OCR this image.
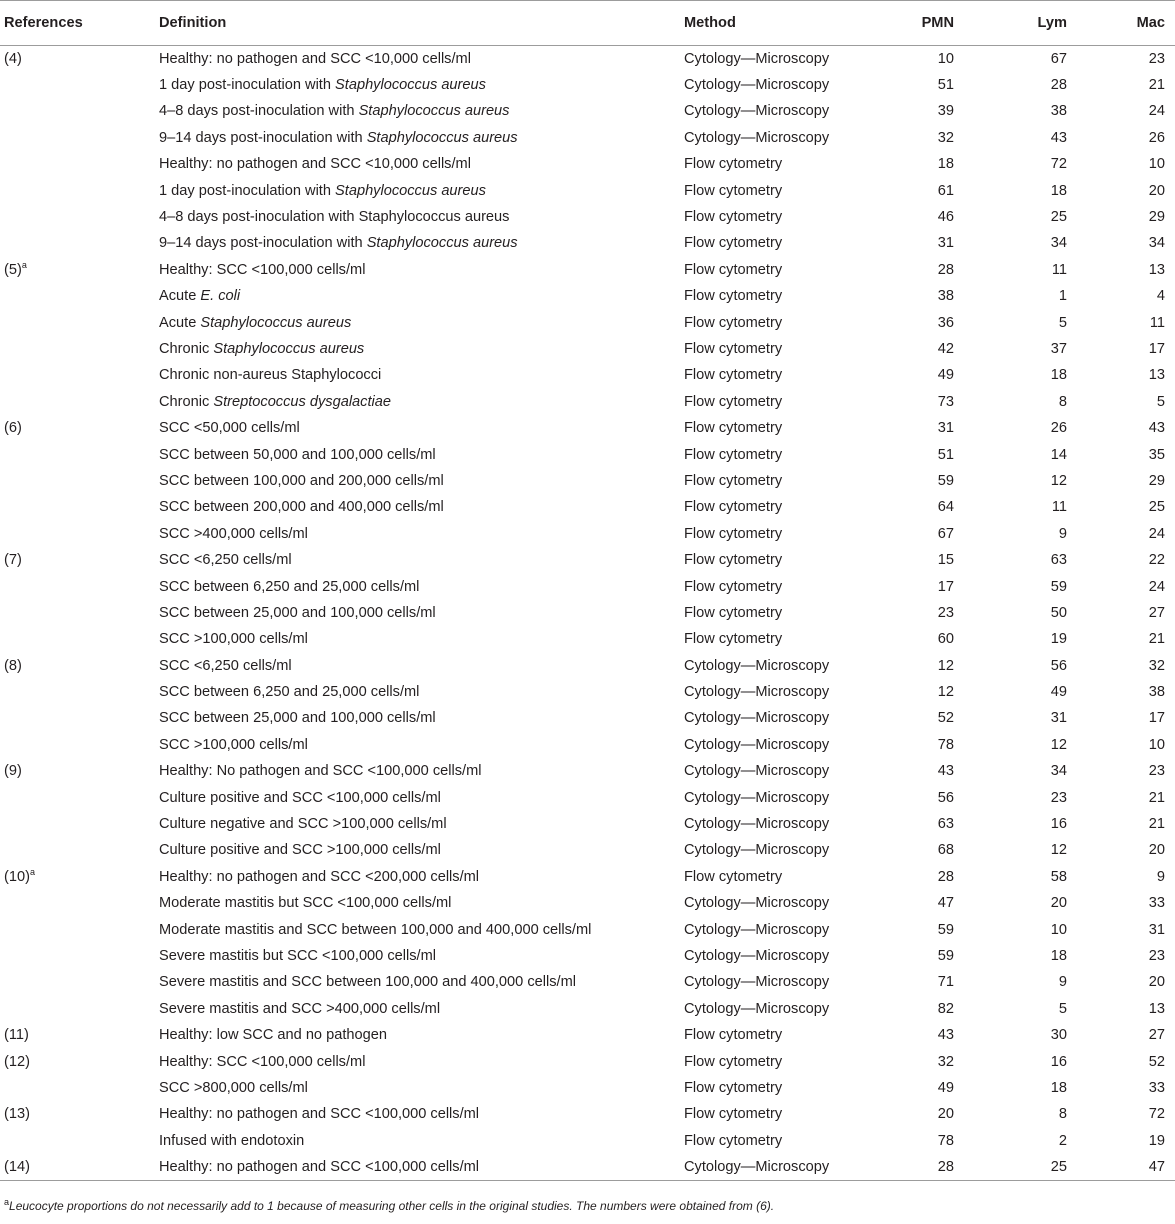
References	Definition	Method	PMN	Lym	Mac
(4)	Healthy: no pathogen and SCC <10,000 cells/ml	Cytology—Microscopy	10	67	23
	1 day post-inoculation with Staphylococcus aureus	Cytology—Microscopy	51	28	21
	4–8 days post-inoculation with Staphylococcus aureus	Cytology—Microscopy	39	38	24
	9–14 days post-inoculation with Staphylococcus aureus	Cytology—Microscopy	32	43	26
	Healthy: no pathogen and SCC <10,000 cells/ml	Flow cytometry	18	72	10
	1 day post-inoculation with Staphylococcus aureus	Flow cytometry	61	18	20
	4–8 days post-inoculation with Staphylococcus aureus	Flow cytometry	46	25	29
	9–14 days post-inoculation with Staphylococcus aureus	Flow cytometry	31	34	34
$(5)^a$	Healthy: SCC <100,000 cells/ml	Flow cytometry	28	11	13
	Acute E. coli	Flow cytometry	38	1	4
	Acute Staphylococcus aureus	Flow cytometry	36	5	11
	Chronic Staphylococcus aureus	Flow cytometry	42	37	17
	Chronic non-aureus Staphylococci	Flow cytometry	49	18	13
	Chronic Streptococcus dysgalactiae	Flow cytometry	73	8	5
(6)	SCC <50,000 cells/ml	Flow cytometry	31	26	43
	SCC between 50,000 and 100,000 cells/ml	Flow cytometry	51	14	35
	SCC between 100,000 and 200,000 cells/ml	Flow cytometry	59	12	29
	SCC between 200,000 and 400,000 cells/ml	Flow cytometry	64	11	25
	SCC >400,000 cells/ml	Flow cytometry	67	9	24
(7)	SCC <6,250 cells/ml	Flow cytometry	15	63	22
	SCC between 6,250 and 25,000 cells/ml	Flow cytometry	17	59	24
	SCC between 25,000 and 100,000 cells/ml	Flow cytometry	23	50	27
	SCC >100,000 cells/ml	Flow cytometry	60	19	21
(8)	SCC <6,250 cells/ml	Cytology—Microscopy	12	56	32
	SCC between 6,250 and 25,000 cells/ml	Cytology—Microscopy	12	49	38
	SCC between 25,000 and 100,000 cells/ml	Cytology—Microscopy	52	31	17
	SCC >100,000 cells/ml	Cytology—Microscopy	78	12	10
(9)	Healthy: No pathogen and SCC <100,000 cells/ml	Cytology—Microscopy	43	34	23
	Culture positive and SCC <100,000 cells/ml	Cytology—Microscopy	56	23	21
	Culture negative and SCC >100,000 cells/ml	Cytology—Microscopy	63	16	21
	Culture positive and SCC >100,000 cells/ml	Cytology—Microscopy	68	12	20
$(10)^a$	Healthy: no pathogen and SCC <200,000 cells/ml	Flow cytometry	28	58	9
	Moderate mastitis but SCC <100,000 cells/ml	Cytology—Microscopy	47	20	33
	Moderate mastitis and SCC between 100,000 and 400,000 cells/ml	Cytology—Microscopy	59	10	31
	Severe mastitis but SCC <100,000 cells/ml	Cytology—Microscopy	59	18	23
	Severe mastitis and SCC between 100,000 and 400,000 cells/ml	Cytology—Microscopy	71	9	20
	Severe mastitis and SCC >400,000 cells/ml	Cytology—Microscopy	82	5	13
(11)	Healthy: low SCC and no pathogen	Flow cytometry	43	30	27
(12)	Healthy: SCC <100,000 cells/ml	Flow cytometry	32	16	52
	SCC >800,000 cells/ml	Flow cytometry	49	18	33
(13)	Healthy: no pathogen and SCC <100,000 cells/ml	Flow cytometry	20	8	72
	Infused with endotoxin	Flow cytometry	78	2	19
(14)	Healthy: no pathogen and SCC <100,000 cells/ml	Cytology—Microscopy	28	25	47
$^a$Leucocyte proportions do not necessarily add to 1 because of measuring other cells in the original studies. The numbers were obtained from (6).
